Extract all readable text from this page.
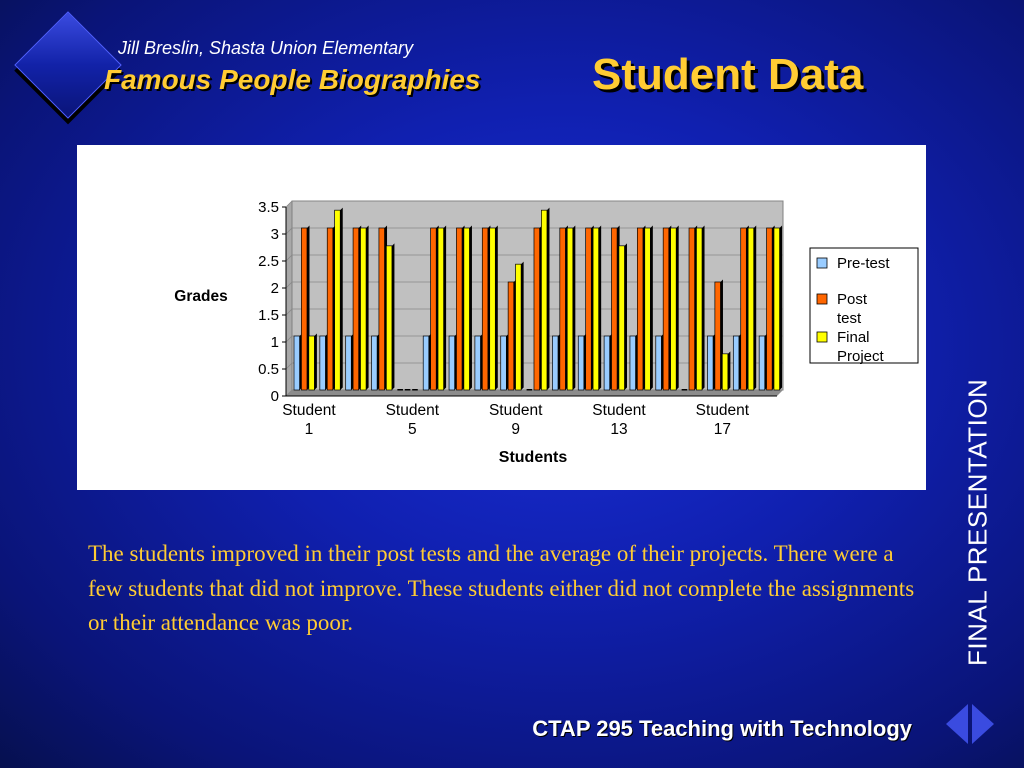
Jill Breslin, Shasta Union Elementary
Famous People Biographies	Student Data
0
0.5
1
1.5
2
2.5
3
3.5
Student
1
Student
5
Student
9
Student
13
Student
17
Students
Grades
Pre-test
Post
test
Final
Project
FINAL PRESENTATION
The students improved in their post tests and the average of their projects. There were a few students that did not improve. These students either did not complete the assignments or their attendance was poor.
CTAP 295 Teaching with Technology
